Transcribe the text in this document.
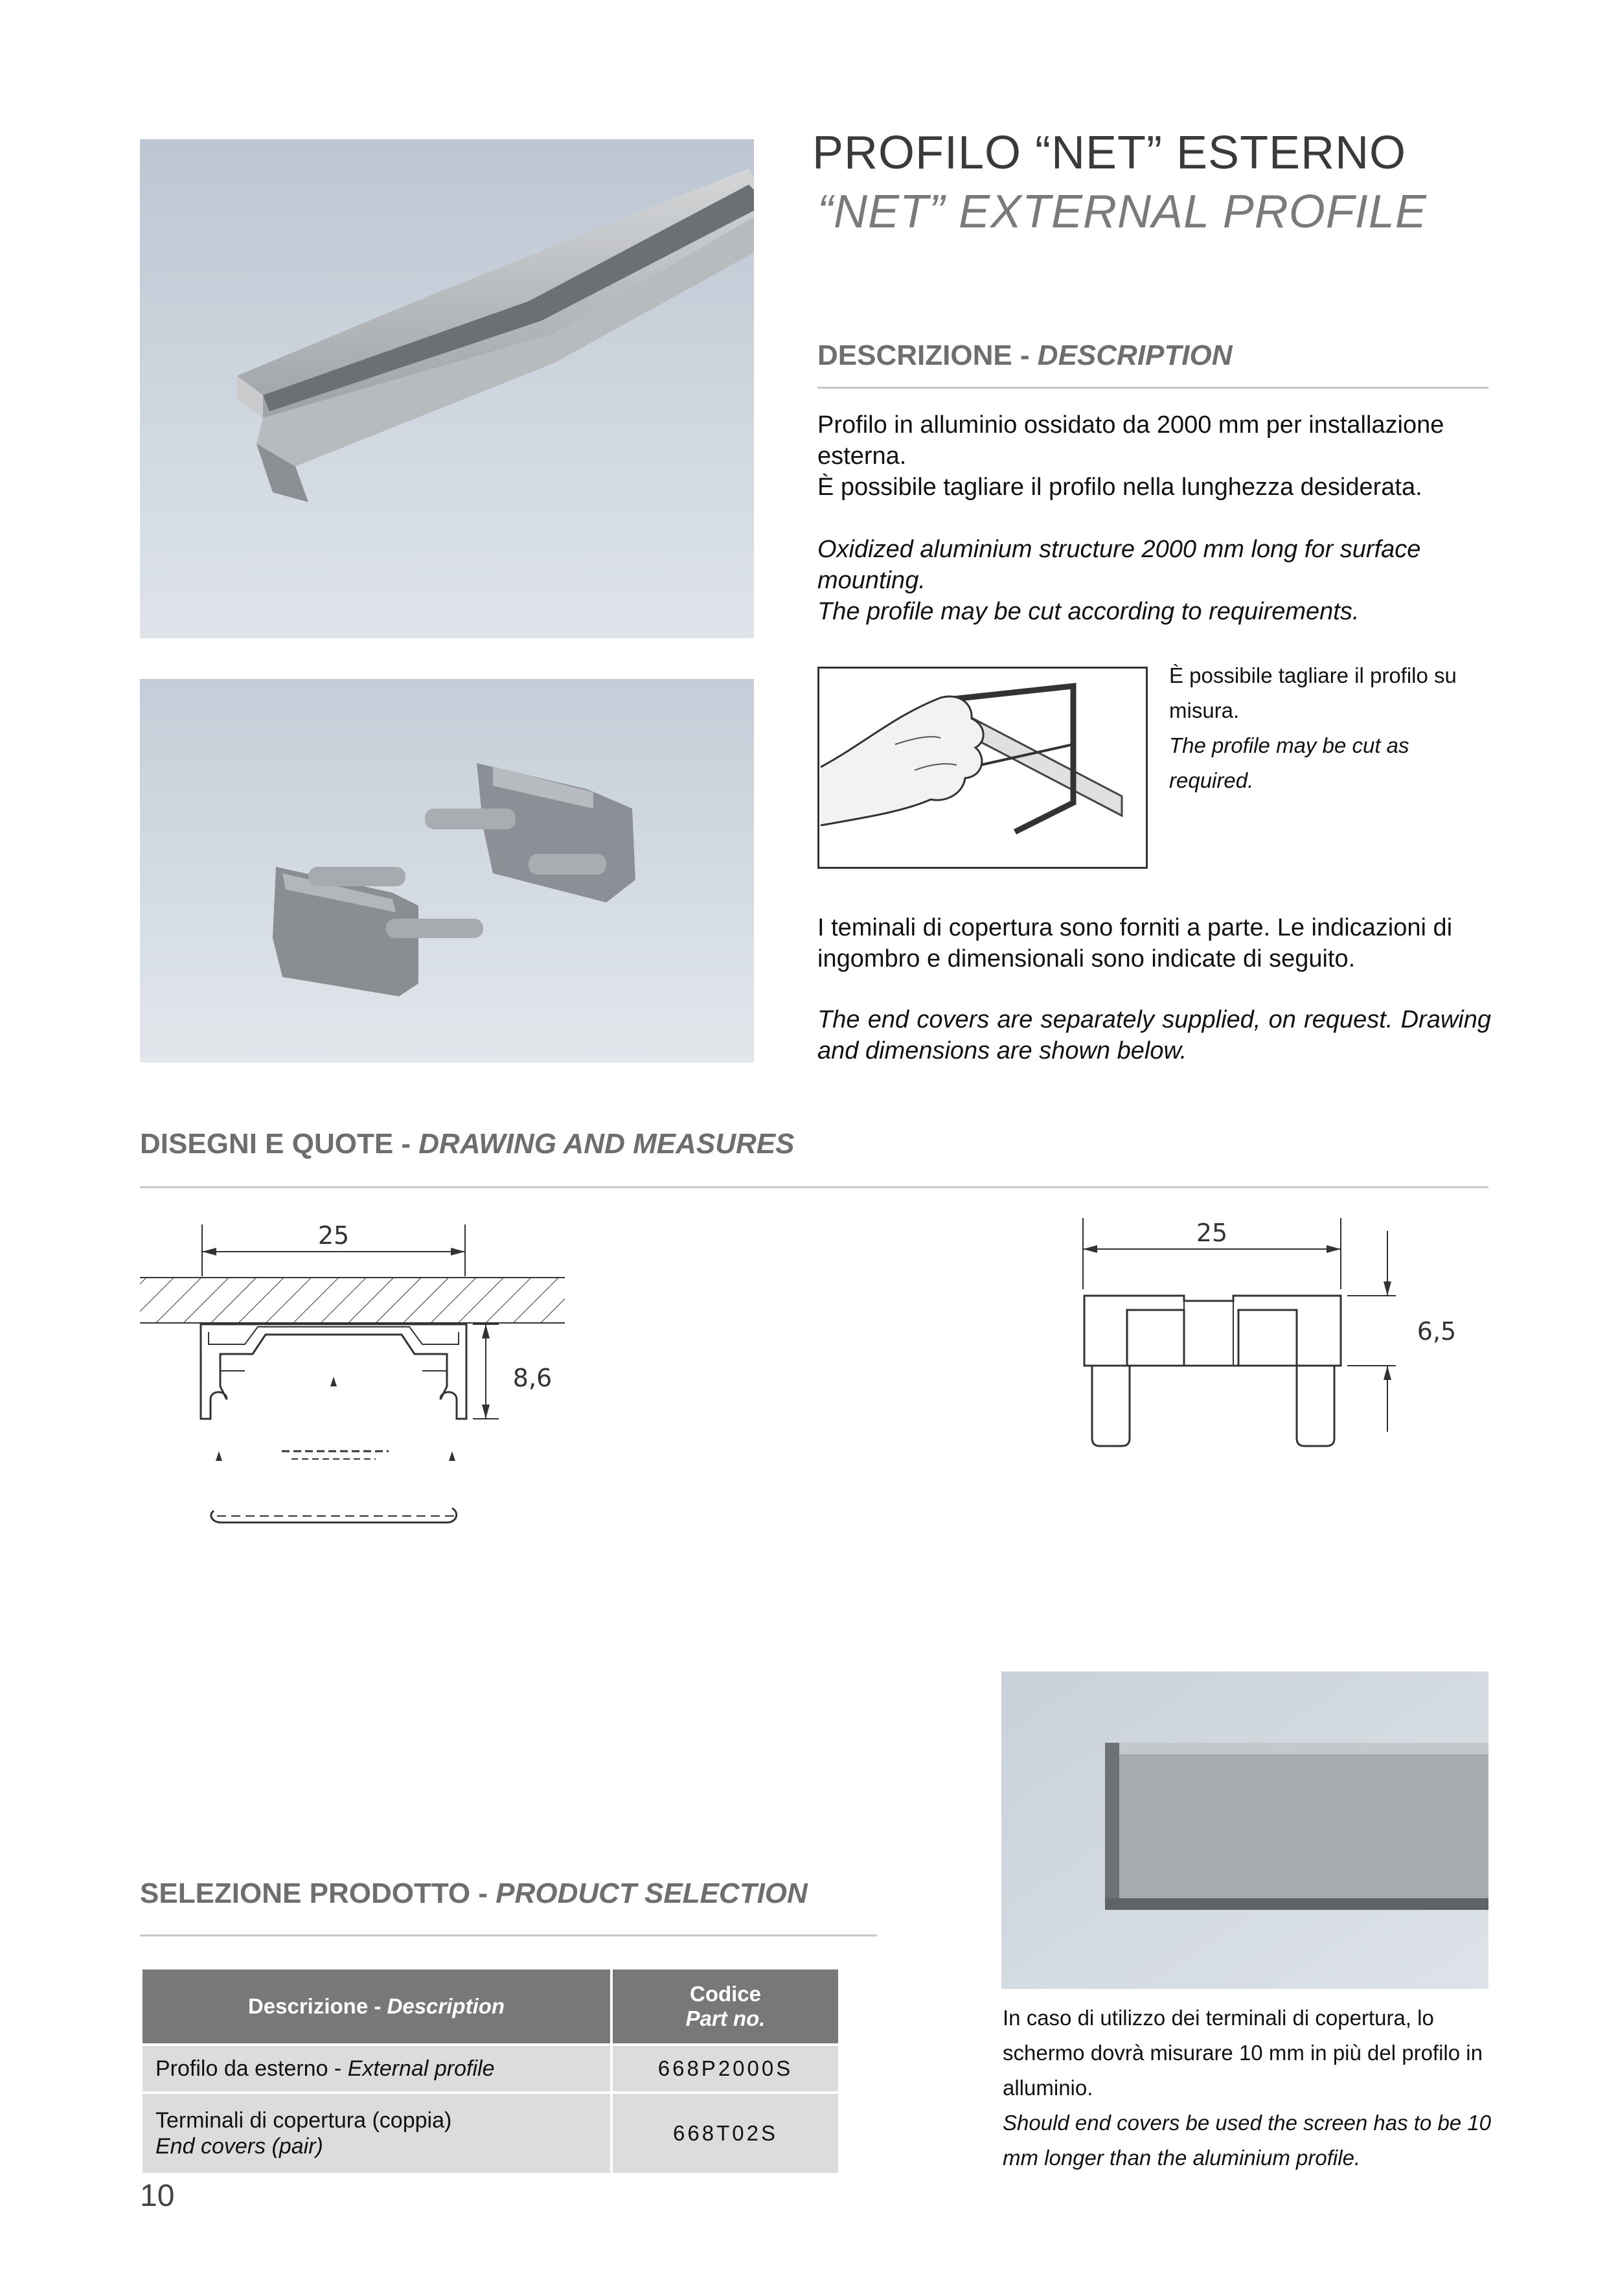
PROFILO “NET” ESTERNO
“NET” EXTERNAL PROFILE
DESCRIZIONE - DESCRIPTION
Profilo in alluminio ossidato da 2000 mm per installazione esterna.
È possibile tagliare il profilo nella lunghezza desiderata.
Oxidized aluminium structure 2000 mm long for surface mounting.
The profile may be cut according to requirements.
È possibile tagliare il profilo su misura.
The profile may be cut as required.
I teminali di copertura sono forniti a parte. Le indicazioni di ingombro e dimensionali sono indicate di seguito.
The end covers are separately supplied, on request. Drawing and dimensions are shown below.
DISEGNI E QUOTE - DRAWING AND MEASURES
25
8,6
25
6,5
SELEZIONE PRODOTTO - PRODUCT SELECTION
Descrizione - Description	Codice
Part no.

Profilo da esterno - External profile	668P2000S

Terminali di copertura (coppia)
End covers (pair)	668T02S
In caso di utilizzo dei terminali di copertura, lo schermo dovrà misurare 10 mm in più del profilo in alluminio.
Should end covers be used the screen has to be 10 mm longer than the aluminium profile.
10
